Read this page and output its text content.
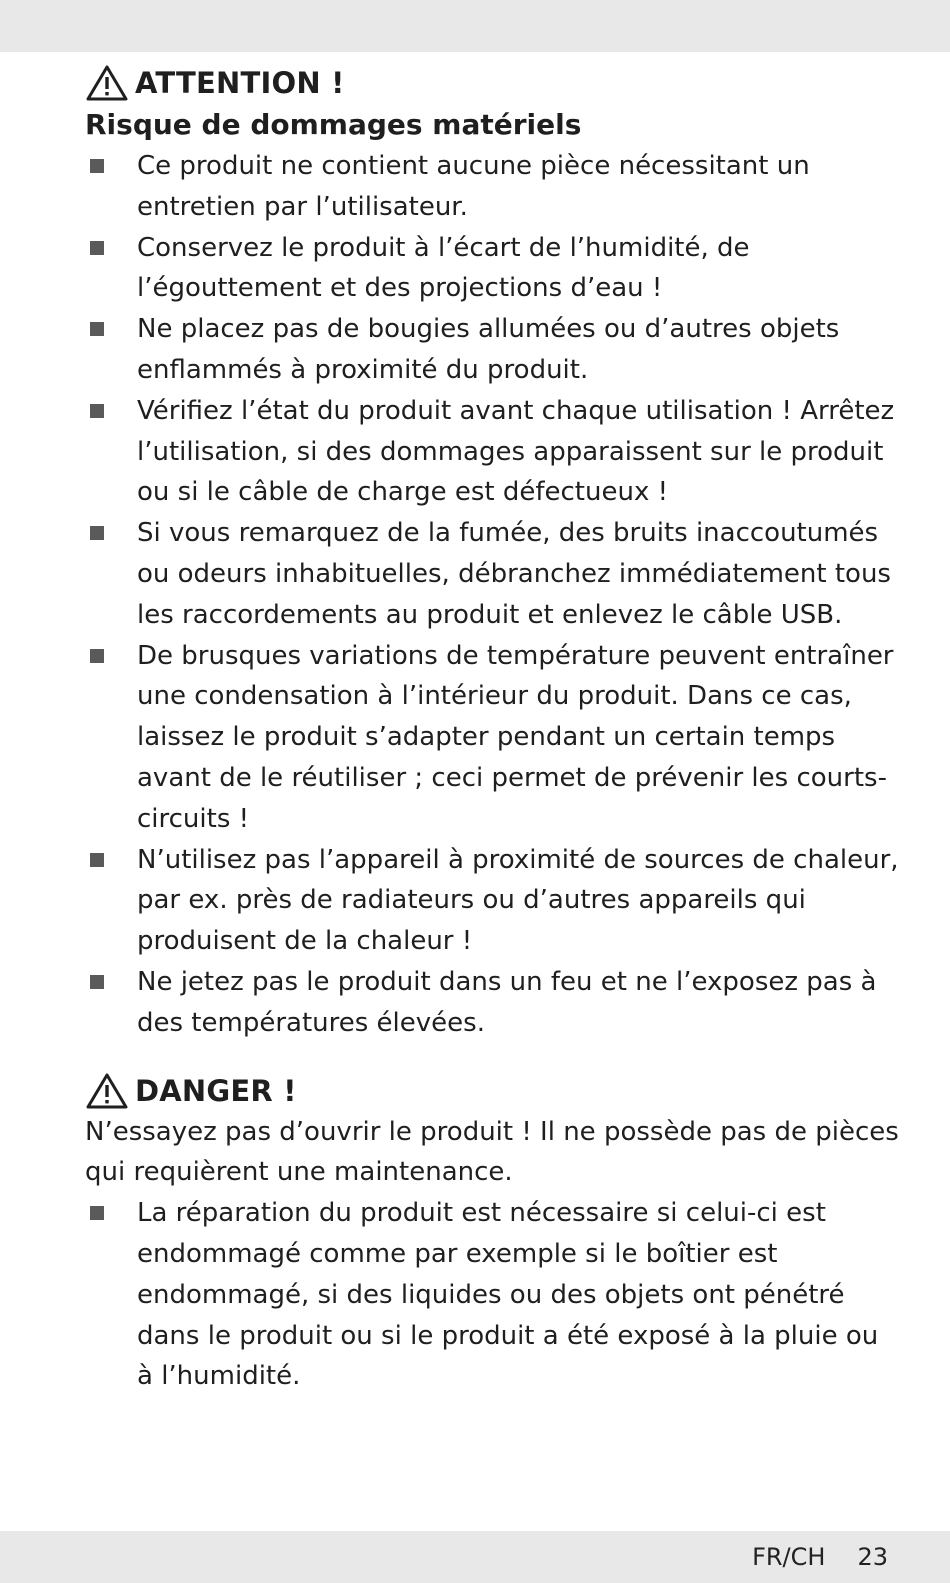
ATTENTION !
Risque de dommages matériels
Ce produit ne contient aucune pièce nécessitant un entretien par l’utilisateur.
Conservez le produit à l’écart de l’humidité, de l’égouttement et des projections d’eau !
Ne placez pas de bougies allumées ou d’autres objets enflammés à proximité du produit.
Vérifiez l’état du produit avant chaque utilisation ! Arrêtez l’utilisation, si des dommages apparaissent sur le produit ou si le câble de charge est défectueux !
Si vous remarquez de la fumée, des bruits inaccoutumés ou odeurs inhabituelles, débranchez immédiatement tous les raccordements au produit et enlevez le câble USB.
De brusques variations de température peuvent entraîner une condensation à l’intérieur du produit. Dans ce cas, laissez le produit s’adapter pendant un certain temps avant de le réutiliser ; ceci permet de prévenir les courts-circuits !
N’utilisez pas l’appareil à proximité de sources de chaleur, par ex. près de radiateurs ou d’autres appareils qui produisent de la chaleur !
Ne jetez pas le produit dans un feu et ne l’exposez pas à des températures élevées.
DANGER !

N’essayez pas d’ouvrir le produit ! Il ne possède pas de pièces qui requièrent une maintenance.

La réparation du produit est nécessaire si celui-ci est endommagé comme par exemple si le boîtier est endommagé, si des liquides ou des objets ont pénétré dans le produit ou si le produit a été exposé à la pluie ou à l’humidité.
FR/CH 23
